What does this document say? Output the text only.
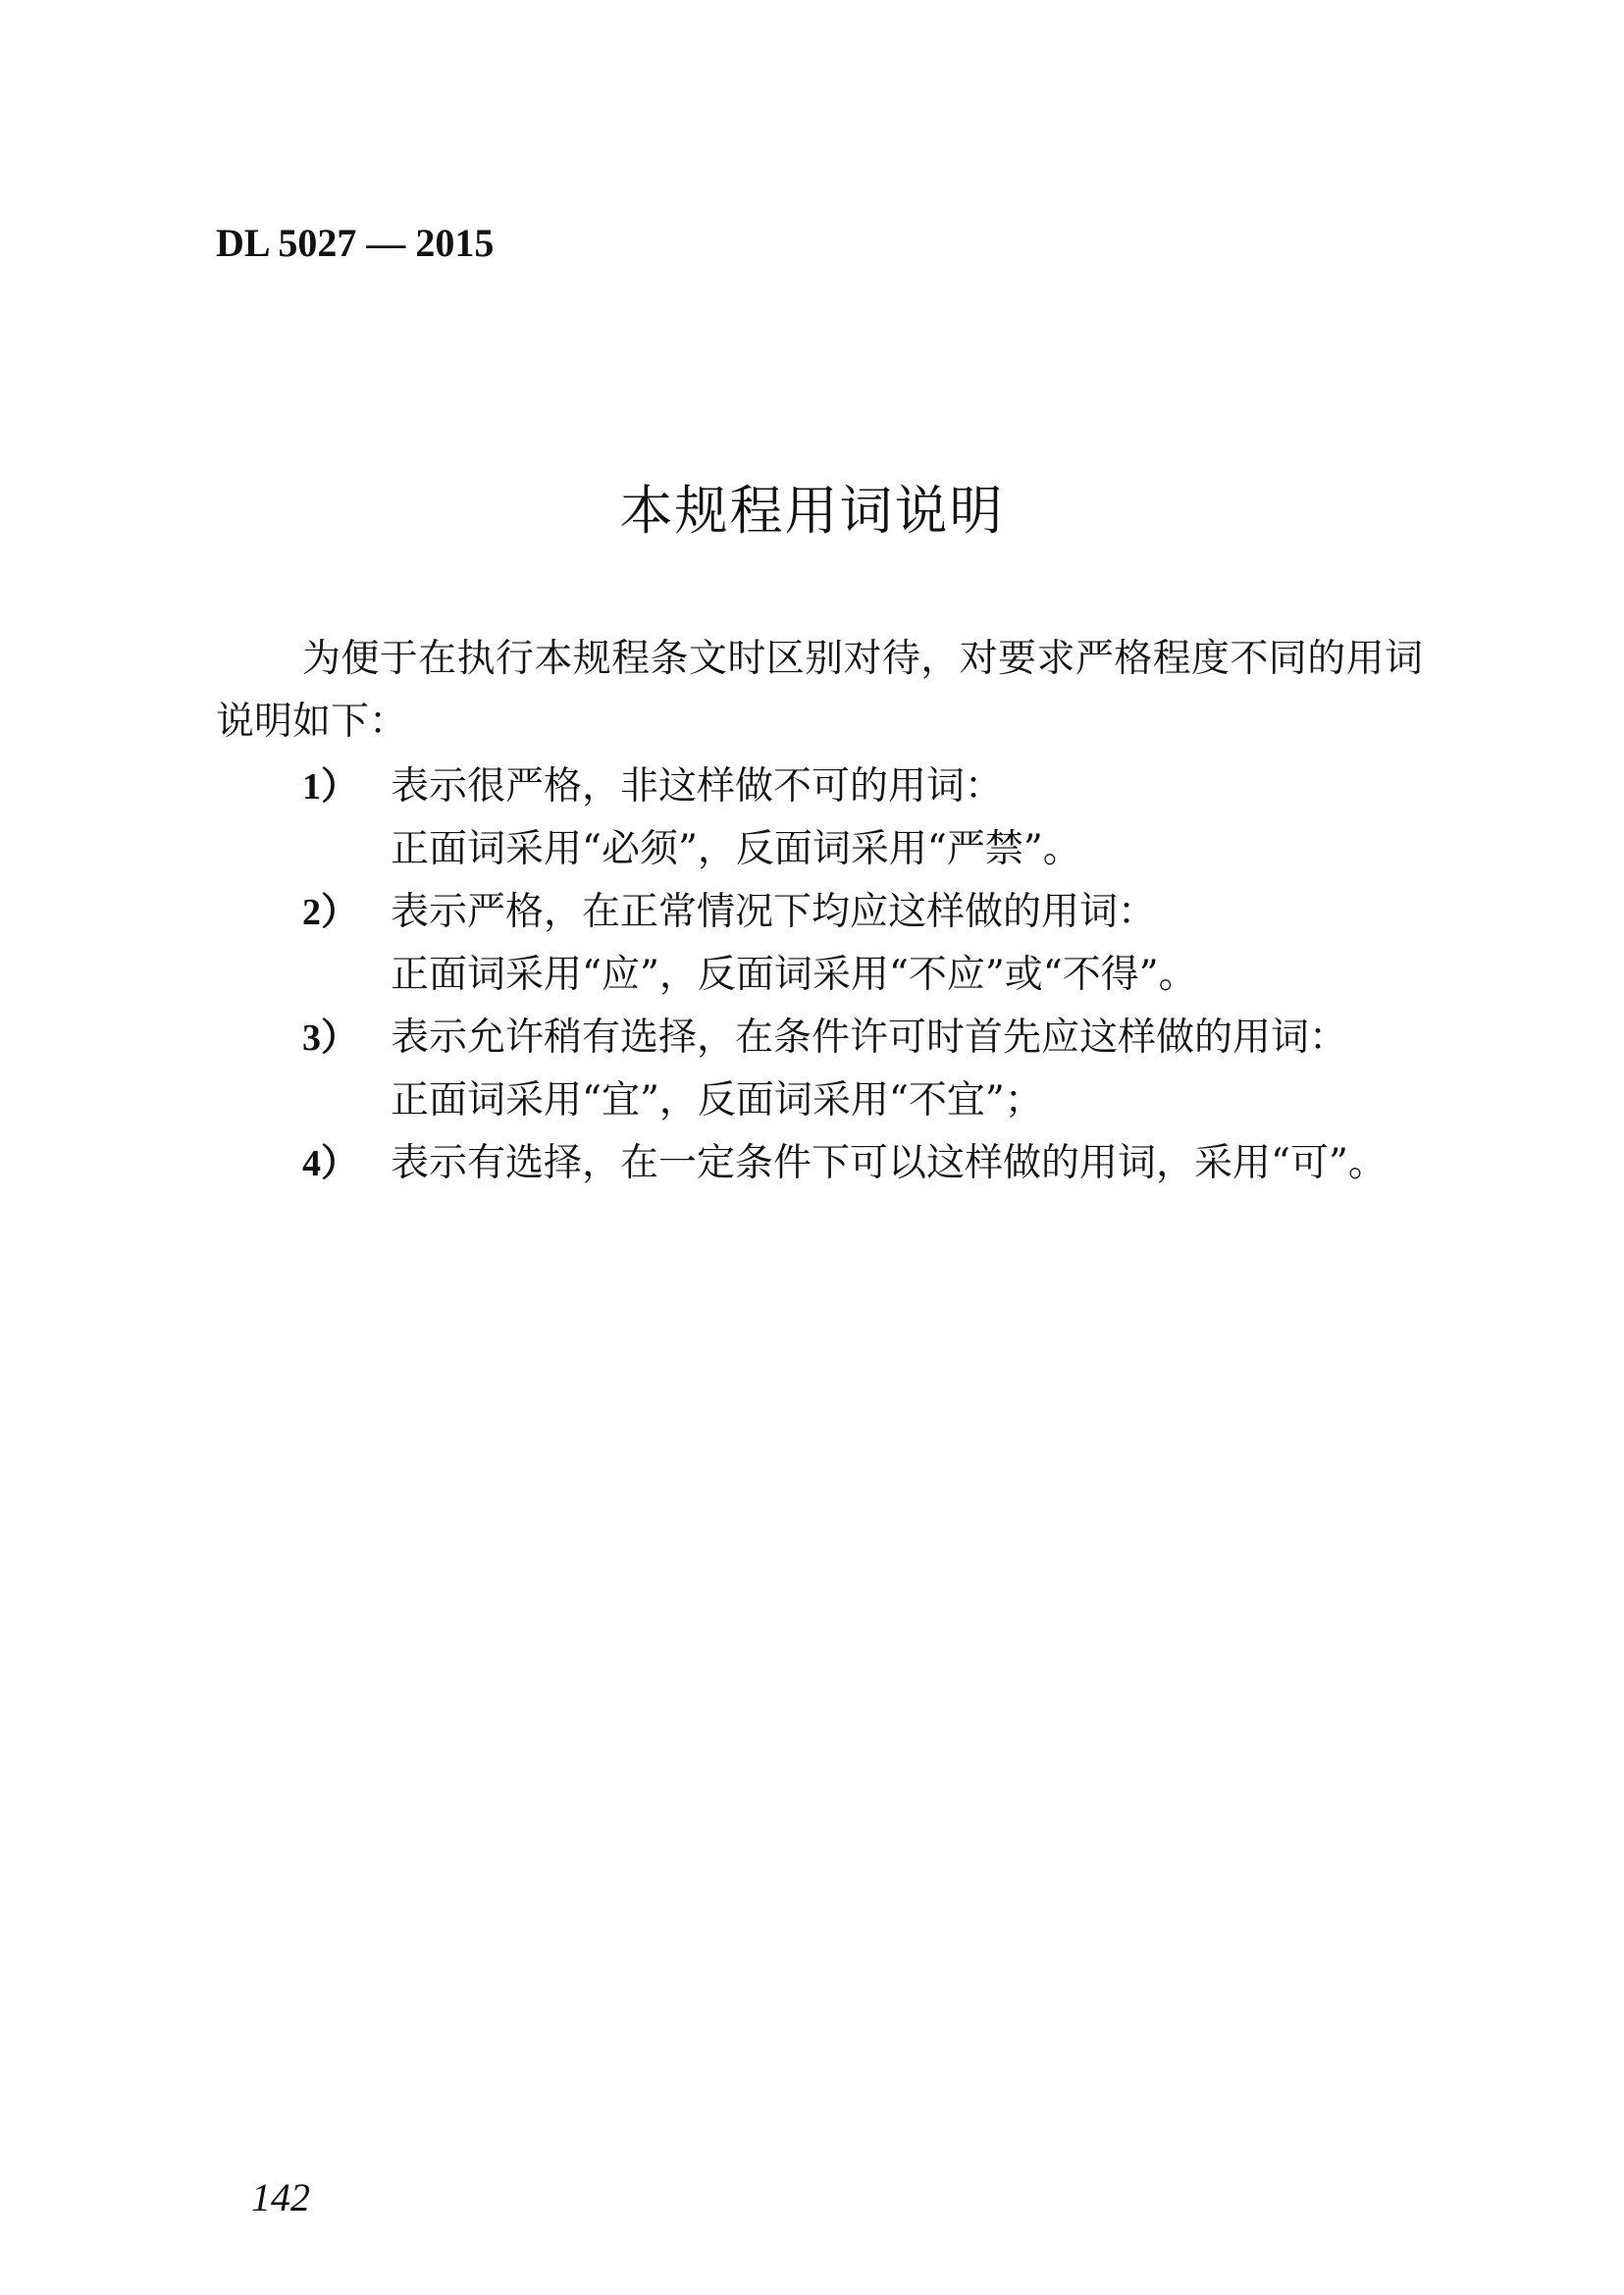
DL 5027 — 2015
本规程用词说明

为便于在执行本规程条文时区别对待，对要求严格程度不同的用词说明如下：

1） 表示很严格，非这样做不可的用词：
正面词采用“必须”，反面词采用“严禁”。
2） 表示严格，在正常情况下均应这样做的用词：
正面词采用“应”，反面词采用“不应”或“不得”。
3） 表示允许稍有选择，在条件许可时首先应这样做的用词：
正面词采用“宜”，反面词采用“不宜”；
4） 表示有选择，在一定条件下可以这样做的用词，采用“可”。
142
